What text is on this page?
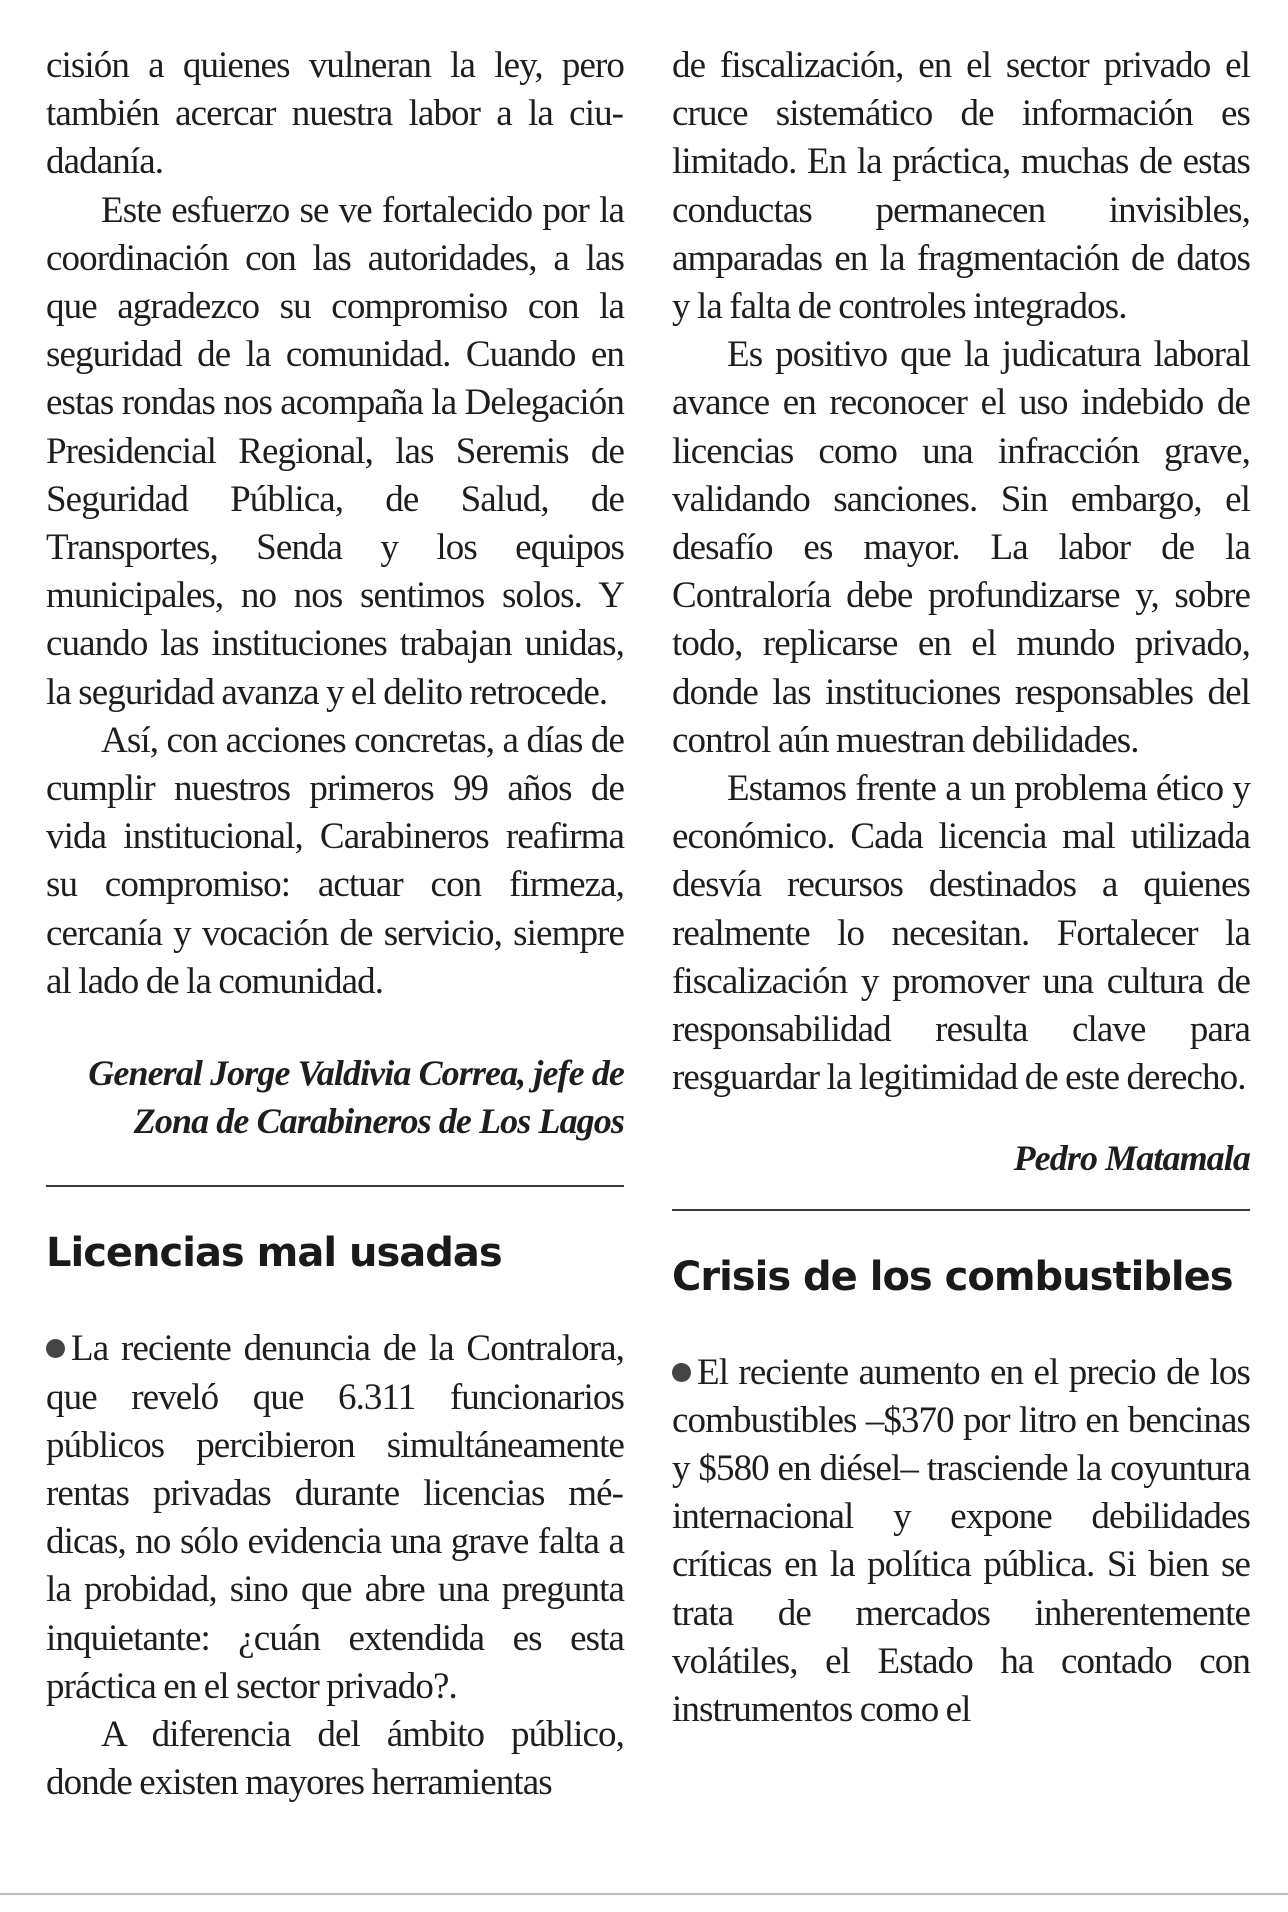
cisión a quienes vulneran la ley, pero también acercar nuestra labor a la ciudadanía.

Este esfuerzo se ve fortalecido por la coordinación con las autoridades, a las que agradezco su compromiso con la seguridad de la comunidad. Cuando en estas rondas nos acompaña la Delegación Presidencial Regional, las Seremis de Seguridad Pública, de Salud, de Transportes, Senda y los equipos municipales, no nos sentimos solos. Y cuando las instituciones trabajan unidas, la seguridad avanza y el delito retrocede.

Así, con acciones concretas, a días de cumplir nuestros primeros 99 años de vida institucional, Carabineros reafirma su compromiso: actuar con firmeza, cercanía y vocación de servicio, siempre al lado de la comunidad.

General Jorge Valdivia Correa, jefe de Zona de Carabineros de Los Lagos

Licencias mal usadas

La reciente denuncia de la Contralora, que reveló que 6.311 funcionarios públicos percibieron simultáneamente rentas privadas durante licencias médicas, no sólo evidencia una grave falta a la probidad, sino que abre una pregunta inquietante: ¿cuán extendida es esta práctica en el sector privado?.

A diferencia del ámbito público, donde existen mayores herramientas

de fiscalización, en el sector privado el cruce sistemático de información es limitado. En la práctica, muchas de estas conductas permanecen invisibles, amparadas en la fragmentación de datos y la falta de controles integrados.

Es positivo que la judicatura laboral avance en reconocer el uso indebido de licencias como una infracción grave, validando sanciones. Sin embargo, el desafío es mayor. La labor de la Contraloría debe profundizarse y, sobre todo, replicarse en el mundo privado, donde las instituciones responsables del control aún muestran debilidades.

Estamos frente a un problema ético y económico. Cada licencia mal utilizada desvía recursos destinados a quienes realmente lo necesitan. Fortalecer la fiscalización y promover una cultura de responsabilidad resulta clave para resguardar la legitimidad de este derecho.

Pedro Matamala

Crisis de los combustibles

El reciente aumento en el precio de los combustibles –$370 por litro en bencinas y $580 en diésel– trasciende la coyuntura internacional y expone debilidades críticas en la política pública. Si bien se trata de mercados inherentemente volátiles, el Estado ha contado con instrumentos como el
